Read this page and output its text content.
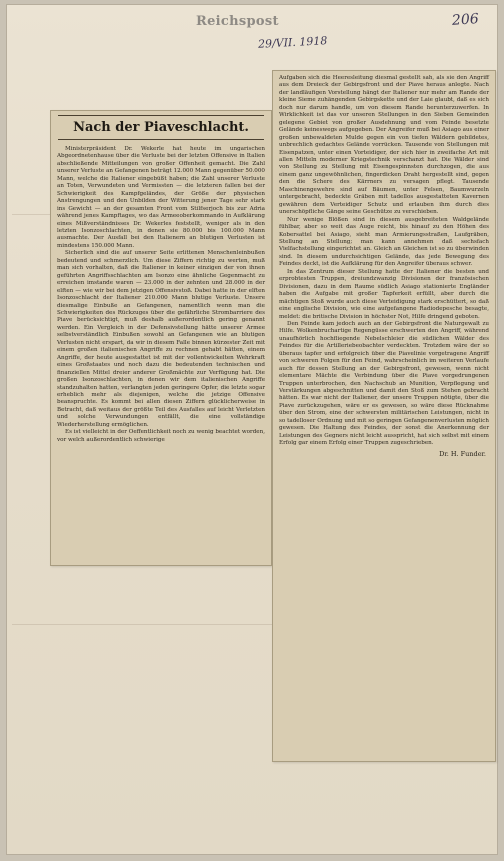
Reichspost
29/VII. 1918
206
Nach der Piaveschlacht.

Ministerpräsident Dr. Wekerle hat heute im ungarischen Abgeordnetenhause über die Verluste bei der letzten Offensive in Italien abschließende Mitteilungen von großer Offenheit gemacht. Die Zahl unserer Verluste an Gefangenen beträgt 12.000 Mann gegenüber 50.000 Mann, welche die Italiener eingebüßt haben; die Zahl unserer Verluste an Toten, Verwundeten und Vermissten — die letzteren fallen bei der Schwierigkeit des Kampfgeländes, der Größe der physischen Anstrengungen und den Unbilden der Witterung jener Tage sehr stark ins Gewicht — an der gesamten Front vom Stilfserjoch bis zur Adria während jenes Kampftages, wo das Armeeoberkommando in Aufklärung eines Mißverständnisses Dr. Wekerles feststellt, weniger als in den letzten Isonzoschlachten, in denen sie 80.000 bis 100.000 Mann ausmachte. Der Ausfall bei den Italienern an blutigen Verlusten ist mindestens 150.000 Mann.

Sicherlich sind die auf unserer Seite erlittenen Menschenleinbußen bedeutend und schmerzlich. Um diese Ziffern richtig zu werten, muß man sich vorhalten, daß die Italiener in keiner einzigen der von ihnen geführten Angriffsschlachten am Isonzo eine ähnliche Gegenmacht zu erreichen imstande waren — 23.000 in der zehnten und 28.000 in der elften — wie wir bei dem jetzigen Offensivstoß. Dabei hatte in der elften Isonzoschlacht der Italiener 210.000 Mann blutige Verluste. Unsere diesmalige Einbuße an Gefangenen, namentlich wenn man die Schwierigkeiten des Rückzuges über die gefährliche Strombarriere des Piave berücksichtigt, muß deshalb außerordentlich gering genannt werden. Ein Vergleich in der Defensivstellung hätte unserer Armee selbstverständlich Einbußen sowohl an Gefangenen wie an blutigen Verlusten nicht erspart, da wir in diesem Falle binnen kürzester Zeit mit einem großen italienischen Angriffe zu rechnen gehabt hätten, einem Angriffe, der heute ausgestattet ist mit der vollentwickelten Wehrkraft eines Großstaates und noch dazu die bedeutenden technischen und finanziellen Mittel dreier anderer Großmächte zur Verfügung hat. Die großen Isonzoschlachten, in denen wir dem italienischen Angriffe standzuhalten hatten, verlangten jeden geringere Opfer, die letzte sogar erheblich mehr als diejenigen, welche die jetzige Offensive beanspruchte. Es kommt bei allen diesen Ziffern glücklicherweise in Betracht, daß weitaus der größte Teil des Ausfalles auf leicht Verletzten und solche Verwundungen entfällt, die eine vollständige Wiederherstellung ermöglichen.

Es ist vielleicht in der Oeffentlichkeit noch zu wenig beachtet worden, vor welch außerordentlich schwierige

Aufgaben sich die Heeresleitung diesmal gestellt sah, als sie den Angriff aus dem Dreieck der Gebirgsfront und der Piave heraus anlegte. Nach der landläufigen Vorstellung hängt der Italiener nur mehr am Rande der kleine Sieme zuhängenden Gebirgskette und der Laie glaubt, daß es sich doch nur darum handle, um von diesem Rande herunterzuwerfen. In Wirklichkeit ist das vor unseren Stellungen in den Sieben Gemeinden gelegene Gebiet von großer Ausdehnung und vom Feinde besetzte Gelände keineswegs aufgegeben. Der Angreifer muß bei Asiago aus einer großen unbewaldeten Mulde gegen ein von tiefen Wäldern gebildetes, unbrechlich gedachtes Gelände vorrücken. Tausende von Stellungen mit Eisenpatzen, unter einen Vorteidiger, der sich hier in zweifache Art mit allen Mitteln moderner Kriegstechnik verschanzt hat. Die Wälder sind von Stellung zu Stellung mit Eisengespinnsten durchzogen, die aus einem ganz ungewöhnlichen, fingerdicken Draht hergestellt sind, gegen den die Schere des Kärrners zu versagen pflegt. Tausende Maschinengewehre sind auf Bäumen, unter Felsen, Baumwurzeln untergebracht, bedeckte Gräben mit tadellos ausgestatteten Kavernen gewähren dem Verteidiger Schutz und erlauben ihm durch dies unerschöpfliche Gänge seine Geschütze zu verschieben.

Nur wenige Blößen sind in diesem ausgebreiteten Waldgelände fühlbar, aber so weit das Auge reicht, bis hinauf zu den Höhen des Kobersattel bei Asiago, sieht man Armierungsstraßen, Laufgräben, Stellung an Stellung; man kann annehmen daß sechsfach Vielfachstellung eingerichtet an. Gleich an Gleichen ist so zu überwinden sind. In diesem undurchsichtigen Gelände, das jede Bewegung des Feindes deckt, ist die Aufklärung für den Angreifer überaus schwer.

In das Zentrum dieser Stellung hatte der Italiener die besten und erprobtesten Truppen, dreiundzwanzig Divisionen der französischen Divisionen, dazu in dem Raume südlich Asiago stationierte Engländer haben die Aufgabe mit großer Tapferkeit erfüllt, aber durch die mächtigen Stoß wurde auch diese Verteidigung stark erschüttert, so daß eine englische Division, wie eine aufgefangene Radiodepesche besagte, meldet: die britische Division in höchster Not, Hilfe dringend geboten.

Den Feinde kam jedoch auch an der Gebirgsfront die Naturgewalt zu Hilfe. Wolkenbruchartige Regengüsse erschwerten den Angriff, während unaufhörlich hochfliegende Nebelschleier die südlichen Wälder des Feindes für die Artilleriebeobachter verdeckten. Trotzdem wäre der so überaus tapfer und erfolgreich über die Piavelinie vorgetragene Angriff von schweren Folgen für den Feind, wahrscheinlich im weiteren Verlaufe auch für dessen Stellung an der Gebirgsfront, gewesen, wenn nicht elementare Mächte die Verbindung über die Piave vorgedrungenen Truppen unterbrochen, den Nachschub an Munition, Verpflegung und Verstärkungen abgeschnitten und damit den Stoß zum Stehen gebracht hätten. Es war nicht der Italiener, der unsere Truppen nötigte, über die Piave zurückzugehen, wäre er es gewesen, so wäre diese Rücknahme über den Strom, eine der schwersten militärischen Leistungen, nicht in so tadelloser Ordnung und mit so geringen Gefangenenverlusten möglich gewesen. Die Haltung des Feindes, der sonst die Anerkennung der Leistungen des Gegners nicht leicht ausspricht, hat sich selbst mit einem Erfolg gar einem Erfolg einer Truppen zugeschrieben.

Dr. H. Funder.
